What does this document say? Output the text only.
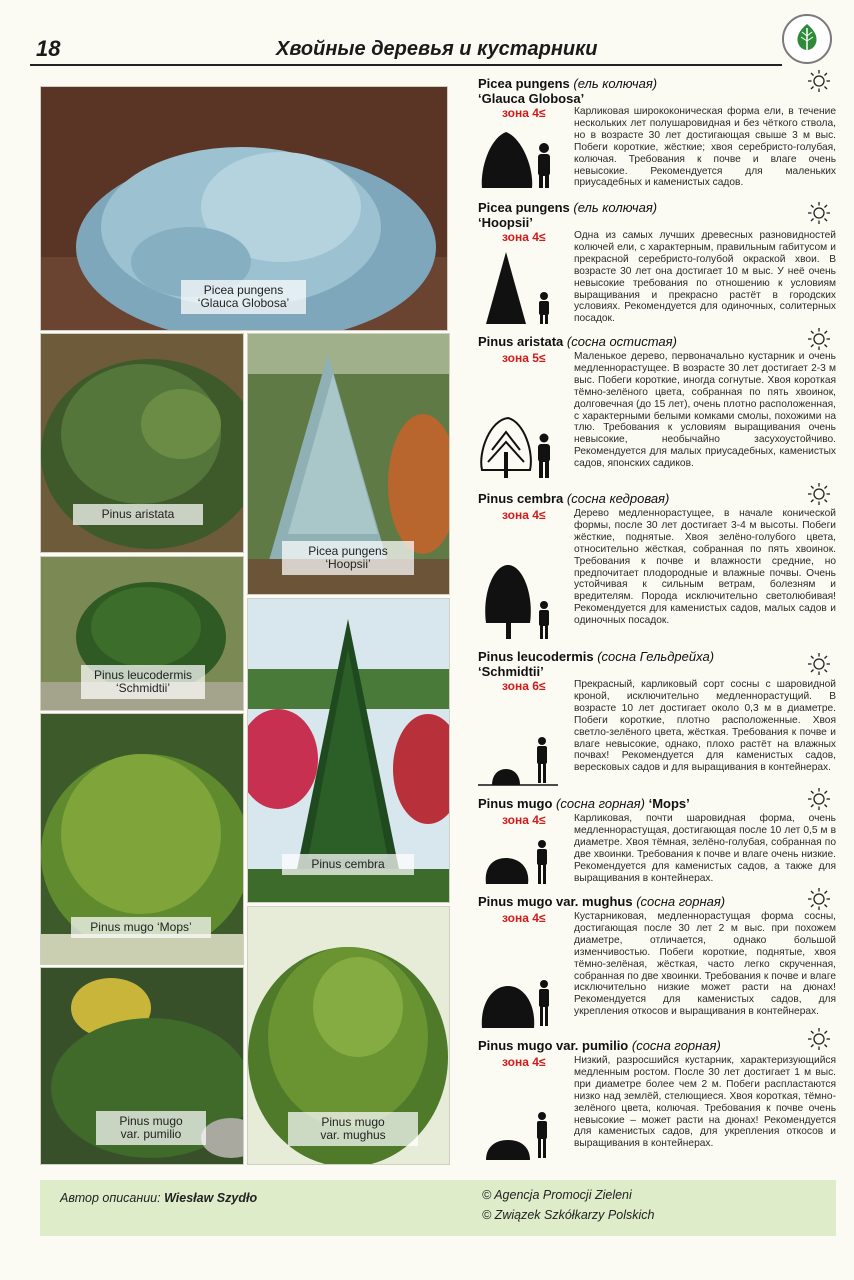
18	Хвойные деревья и кустарники
Picea pungens
‘Glauca Globosa’
Pinus aristata
Picea pungens
‘Hoopsii’
Pinus leucodermis
‘Schmidtii’
Pinus cembra
Pinus mugo ‘Mops’
Pinus mugo
var. pumilio
Pinus mugo
var. mughus
Picea pungens (ель колючая)
‘Glauca Globosa’
зона 4≤	Карликовая ширококоническая форма ели, в течение нескольких лет полушаровидная и без чёткого ствола, но в возрасте 30 лет достигающая свыше 3 м выс. Побеги короткие, жёсткие; хвоя серебристо-голубая, колючая. Требования к почве и влаге очень невысокие. Рекомендуется для маленьких приусадебных и каменистых садов.
Picea pungens (ель колючая)
‘Hoopsii’
зона 4≤	Одна из самых лучших древесных разновидностей колючей ели, с характерным, правильным габитусом и прекрасной серебристо-голубой окраской хвои. В возрасте 30 лет она достигает 10 м выс. У неё очень невысокие требования по отношению к условиям выращивания и прекрасно растёт в городских условиях. Рекомендуется для одиночных, солитерных посадок.
Pinus aristata (сосна остистая)
зона 5≤	Маленькое дерево, первоначально кустарник и очень медленнорастущее. В возрасте 30 лет достигает 2-3 м выс. Побеги короткие, иногда согнутые. Хвоя короткая тёмно-зелёного цвета, собранная по пять хвоинок, долговечная (до 15 лет), очень плотно расположенная, с характерными белыми комками смолы, похожими на тлю. Требования к условиям выращивания очень невысокие, необычайно засухоустойчиво. Рекомендуется для малых приусадебных, каменистых садов, японских садиков.
Pinus cembra (сосна кедровая)
зона 4≤	Дерево медленнорастущее, в начале конической формы, после 30 лет достигает 3-4 м высоты. Побеги жёсткие, поднятые. Хвоя зелёно-голубого цвета, относительно жёсткая, собранная по пять хвоинок. Требования к почве и влажности средние, но предпочитает плодородные и влажные почвы. Очень устойчивая к сильным ветрам, болезням и вредителям. Порода исключительно светолюбивая! Рекомендуется для каменистых садов, малых садов и одиночных посадок.
Pinus leucodermis (сосна Гельдрейха)
‘Schmidtii’
зона 6≤	Прекрасный, карликовый сорт сосны с шаровидной кроной, исключительно медленнорастущий. В возрасте 10 лет достигает около 0,3 м в диаметре. Побеги короткие, плотно расположенные. Хвоя светло-зелёного цвета, жёсткая. Требования к почве и влаге невысокие, однако, плохо растёт на влажных почвах! Рекомендуется для каменистых садов, вересковых садов и для выращивания в контейнерах.
Pinus mugo (сосна горная) ‘Mops’
зона 4≤	Карликовая, почти шаровидная форма, очень медленнорастущая, достигающая после 10 лет 0,5 м в диаметре. Хвоя тёмная, зелёно-голубая, собранная по две хвоинки. Требования к почве и влаге очень низкие. Рекомендуется для каменистых садов, а также для выращивания в контейнерах.
Pinus mugo var. mughus (сосна горная)
зона 4≤	Кустарниковая, медленнорастущая форма сосны, достигающая после 30 лет 2 м выс. при похожем диаметре, отличается, однако большой изменчивостью. Побеги короткие, поднятые, хвоя тёмно-зелёная, жёсткая, часто легко скрученная, собранная по две хвоинки. Требования к почве и влаге исключительно низкие может расти на дюнах! Рекомендуется для каменистых садов, для укрепления откосов и выращивания в контейнерах.
Pinus mugo var. pumilio (сосна горная)
зона 4≤	Низкий, разросшийся кустарник, характеризующийся медленным ростом. После 30 лет достигает 1 м выс. при диаметре более чем 2 м. Побеги распластаются низко над землёй, стелющиеся. Хвоя короткая, тёмно-зелёного цвета, колючая. Требования к почве очень невысокие – может расти на дюнах! Рекомендуется для каменистых садов, для укрепления откосов и выращивания в контейнерах.
Автор описании: Wiesław Szydło	© Agencja Promocji Zieleni
© Związek Szkółkarzy Polskich
